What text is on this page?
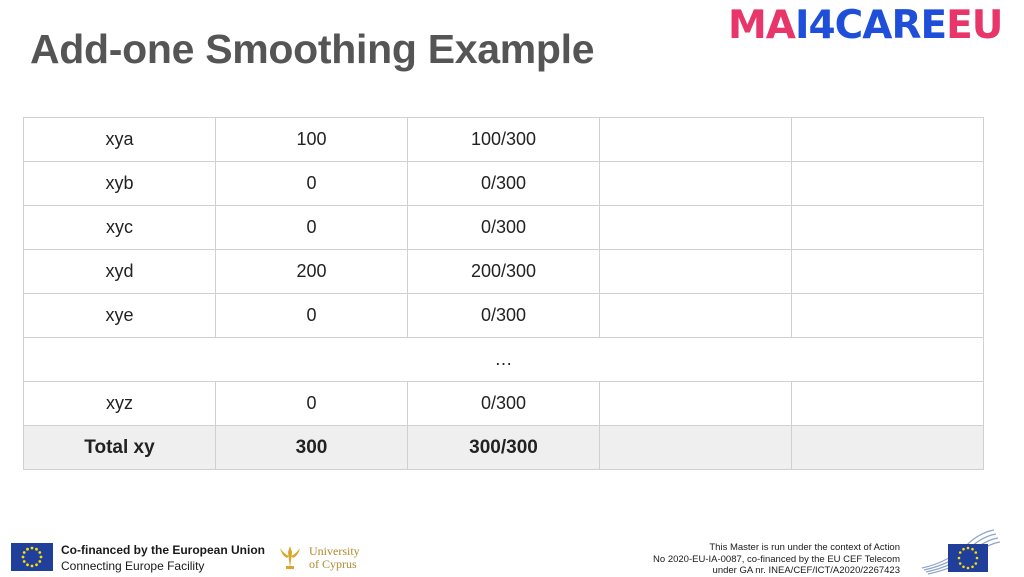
Add-one Smoothing Example
MAI4CAREEU
xya	100	100/300		
xyb	0	0/300		
xyc	0	0/300		
xyd	200	200/300		
xye	0	0/300		
…				
xyz	0	0/300		
Total xy	300	300/300		
Co-financed by the European Union
Connecting Europe Facility
University
of Cyprus
This Master is run under the context of Action
No 2020-EU-IA-0087, co-financed by the EU CEF Telecom
under GA nr. INEA/CEF/ICT/A2020/2267423
